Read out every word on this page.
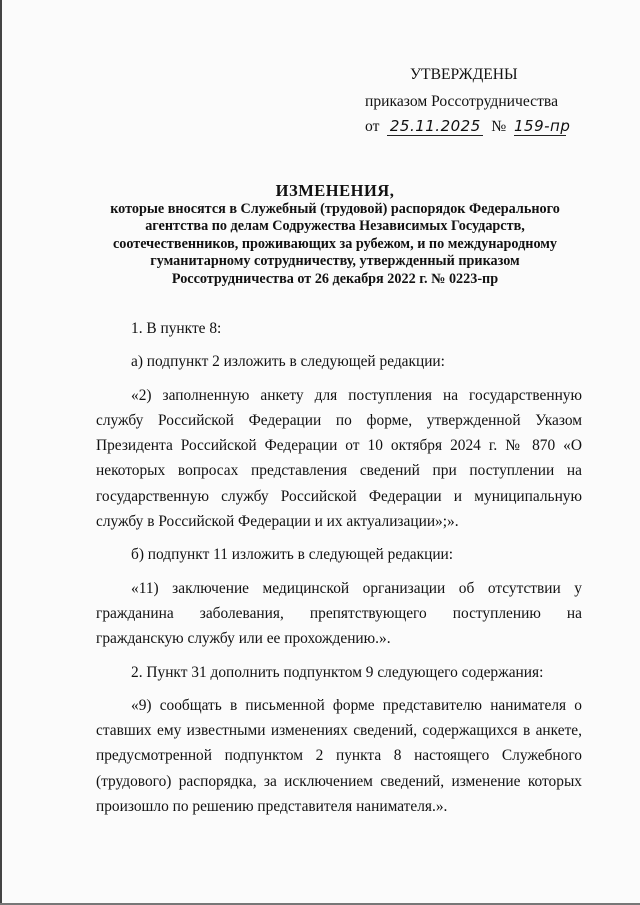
УТВЕРЖДЕНЫ
приказом Россотрудничества
от 25.11.2025 № 159-пр
ИЗМЕНЕНИЯ,
которые вносятся в Служебный (трудовой) распорядок Федерального
агентства по делам Содружества Независимых Государств,
соотечественников, проживающих за рубежом, и по международному
гуманитарному сотрудничеству, утвержденный приказом
Россотрудничества от 26 декабря 2022 г. № 0223-пр

1. В пункте 8:

а) подпункт 2 изложить в следующей редакции:

«2) заполненную анкету для поступления на государственную службу Российской Федерации по форме, утвержденной Указом Президента Российской Федерации от 10 октября 2024 г. № 870 «О некоторых вопросах представления сведений при поступлении на государственную службу Российской Федерации и муниципальную службу в Российской Федерации и их актуализации»;».

б) подпункт 11 изложить в следующей редакции:

«11) заключение медицинской организации об отсутствии у гражданина заболевания, препятствующего поступлению на гражданскую службу или ее прохождению.».

2. Пункт 31 дополнить подпунктом 9 следующего содержания:

«9) сообщать в письменной форме представителю нанимателя о ставших ему известными изменениях сведений, содержащихся в анкете, предусмотренной подпунктом 2 пункта 8 настоящего Служебного (трудового) распорядка, за исключением сведений, изменение которых произошло по решению представителя нанимателя.».
